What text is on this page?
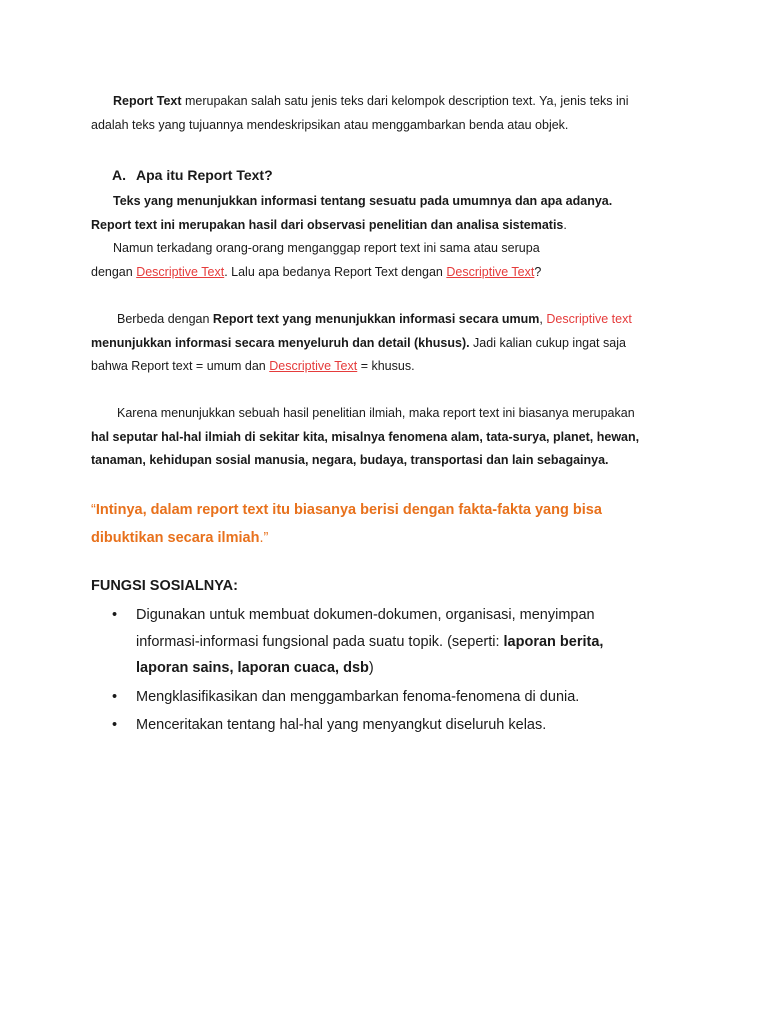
Report Text merupakan salah satu jenis teks dari kelompok description text. Ya, jenis teks ini
adalah teks yang tujuannya mendeskripsikan atau menggambarkan benda atau objek.
A. Apa itu Report Text?
Teks yang menunjukkan informasi tentang sesuatu pada umumnya dan apa adanya.
Report text ini merupakan hasil dari observasi penelitian dan analisa sistematis.
Namun terkadang orang-orang menganggap report text ini sama atau serupa
dengan Descriptive Text. Lalu apa bedanya Report Text dengan Descriptive Text?
Berbeda dengan Report text yang menunjukkan informasi secara umum, Descriptive text
menunjukkan informasi secara menyeluruh dan detail (khusus). Jadi kalian cukup ingat saja
bahwa Report text = umum dan Descriptive Text = khusus.
Karena menunjukkan sebuah hasil penelitian ilmiah, maka report text ini biasanya merupakan
hal seputar hal-hal ilmiah di sekitar kita, misalnya fenomena alam, tata-surya, planet, hewan,
tanaman, kehidupan sosial manusia, negara, budaya, transportasi dan lain sebagainya.
“Intinya, dalam report text itu biasanya berisi dengan fakta-fakta yang bisa
dibuktikan secara ilmiah.”
FUNGSI SOSIALNYA:
• Digunakan untuk membuat dokumen-dokumen, organisasi, menyimpan
informasi-informasi fungsional pada suatu topik. (seperti: laporan berita,
laporan sains, laporan cuaca, dsb)
• Mengklasifikasikan dan menggambarkan fenoma-fenomena di dunia.
• Menceritakan tentang hal-hal yang menyangkut diseluruh kelas.
